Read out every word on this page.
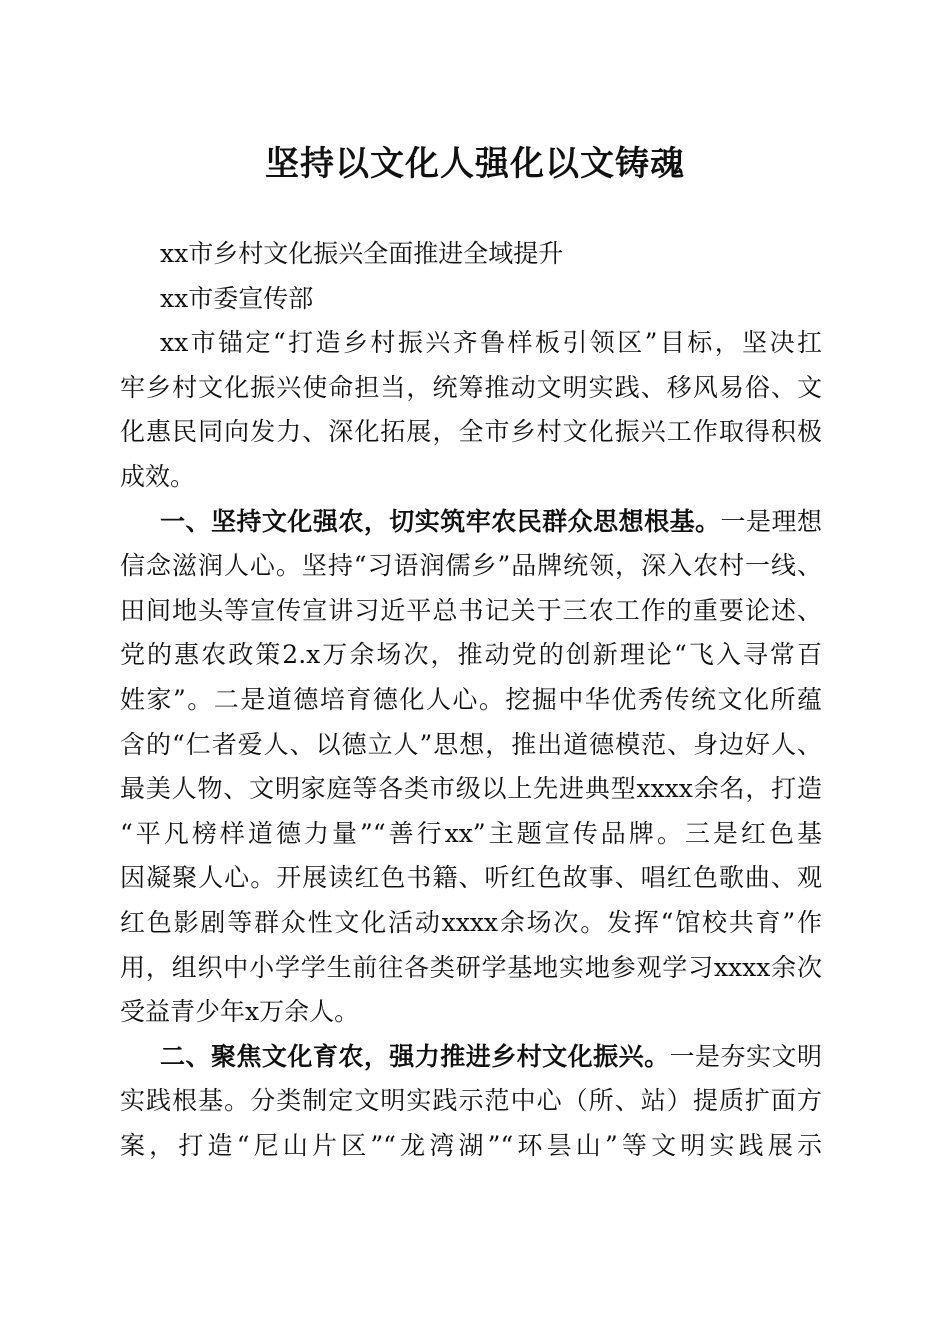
坚持以文化人强化以文铸魂
xx市乡村文化振兴全面推进全域提升
xx市委宣传部
xx市锚定“打造乡村振兴齐鲁样板引领区”目标，坚决扛
牢乡村文化振兴使命担当，统筹推动文明实践、移风易俗、文
化惠民同向发力、深化拓展，全市乡村文化振兴工作取得积极
成效。
一、坚持文化强农，切实筑牢农民群众思想根基。一是理想
信念滋润人心。坚持“习语润儒乡”品牌统领，深入农村一线、
田间地头等宣传宣讲习近平总书记关于三农工作的重要论述、
党的惠农政策2.x万余场次，推动党的创新理论“飞入寻常百
姓家”。二是道德培育德化人心。挖掘中华优秀传统文化所蕴
含的“仁者爱人、以德立人”思想，推出道德模范、身边好人、
最美人物、文明家庭等各类市级以上先进典型xxxx余名，打造
“平凡榜样道德力量”“善行xx”主题宣传品牌。三是红色基
因凝聚人心。开展读红色书籍、听红色故事、唱红色歌曲、观
红色影剧等群众性文化活动xxxx余场次。发挥“馆校共育”作
用，组织中小学学生前往各类研学基地实地参观学习xxxx余次
受益青少年x万余人。
二、聚焦文化育农，强力推进乡村文化振兴。一是夯实文明
实践根基。分类制定文明实践示范中心（所、站）提质扩面方
案，打造“尼山片区”“龙湾湖”“环昙山”等文明实践展示
